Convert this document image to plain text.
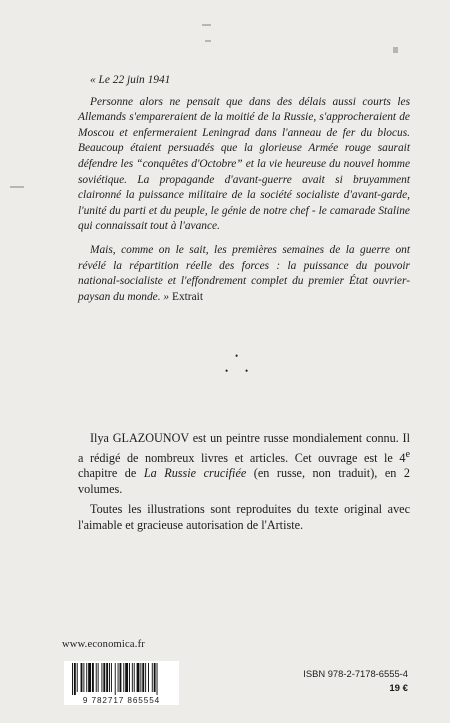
« Le 22 juin 1941

Personne alors ne pensait que dans des délais aussi courts les Allemands s'empareraient de la moitié de la Russie, s'approcheraient de Moscou et enfermeraient Leningrad dans l'anneau de fer du blocus. Beaucoup étaient persuadés que la glorieuse Armée rouge saurait défendre les “conquêtes d'Octobre” et la vie heureuse du nouvel homme soviétique. La propagande d'avant-guerre avait si bruyamment claironné la puissance militaire de la société socialiste d'avant-garde, l'unité du parti et du peuple, le génie de notre chef - le camarade Staline qui connaissait tout à l'avance.

Mais, comme on le sait, les premières semaines de la guerre ont révélé la répartition réelle des forces : la puissance du pouvoir national-socialiste et l'effondrement complet du premier État ouvrier-paysan du monde. » Extrait

•
• •

Ilya GLAZOUNOV est un peintre russe mondialement connu. Il a rédigé de nombreux livres et articles. Cet ouvrage est le 4e chapitre de La Russie crucifiée (en russe, non traduit), en 2 volumes.

Toutes les illustrations sont reproduites du texte original avec l'aimable et gracieuse autorisation de l'Artiste.

www.economica.fr
9 782717 865554
ISBN 978-2-7178-6555-4
19 €
